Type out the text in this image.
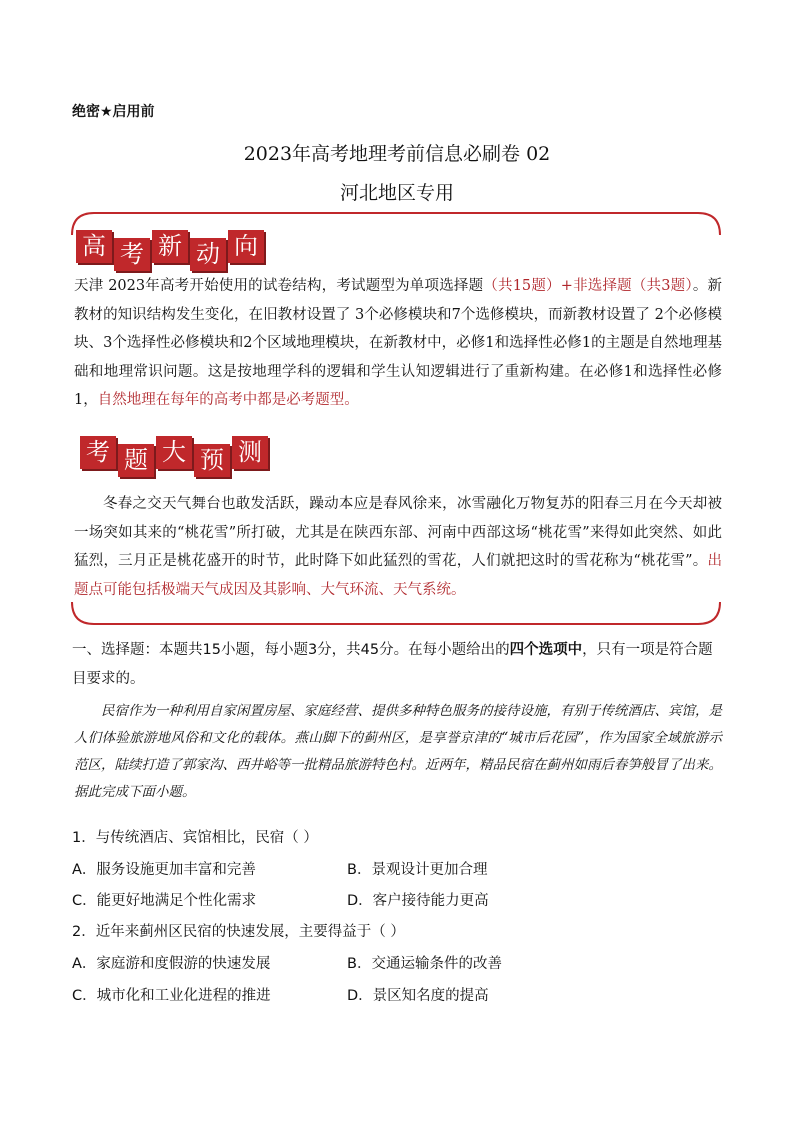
绝密★启用前
2023年高考地理考前信息必刷卷 02
河北地区专用
高 考 新 动 向
天津 2023年高考开始使用的试卷结构，考试题型为单项选择题（共15题）+非选择题（共3题）。新教材的知识结构发生变化，在旧教材设置了 3个必修模块和7个选修模块，而新教材设置了 2个必修模块、3个选择性必修模块和2个区域地理模块，在新教材中，必修1和选择性必修1的主题是自然地理基础和地理常识问题。这是按地理学科的逻辑和学生认知逻辑进行了重新构建。在必修1和选择性必修1，自然地理在每年的高考中都是必考题型。
考 题 大 预 测
冬春之交天气舞台也敢发活跃，躁动本应是春风徐来，冰雪融化万物复苏的阳春三月在今天却被一场突如其来的“桃花雪”所打破，尤其是在陕西东部、河南中西部这场“桃花雪”来得如此突然、如此猛烈，三月正是桃花盛开的时节，此时降下如此猛烈的雪花，人们就把这时的雪花称为“桃花雪”。出题点可能包括极端天气成因及其影响、大气环流、天气系统。
一、选择题：本题共15小题，每小题3分，共45分。在每小题给出的四个选项中，只有一项是符合题目要求的。
民宿作为一种利用自家闲置房屋、家庭经营、提供多种特色服务的接待设施，有别于传统酒店、宾馆，是人们体验旅游地风俗和文化的载体。燕山脚下的蓟州区，是享誉京津的“城市后花园”，作为国家全域旅游示范区，陆续打造了郭家沟、西井峪等一批精品旅游特色村。近两年，精品民宿在蓟州如雨后春笋般冒了出来。据此完成下面小题。
1．与传统酒店、宾馆相比，民宿（ ）
A．服务设施更加丰富和完善	B．景观设计更加合理
C．能更好地满足个性化需求	D．客户接待能力更高
2．近年来蓟州区民宿的快速发展，主要得益于（ ）
A．家庭游和度假游的快速发展	B．交通运输条件的改善
C．城市化和工业化进程的推进	D．景区知名度的提高
